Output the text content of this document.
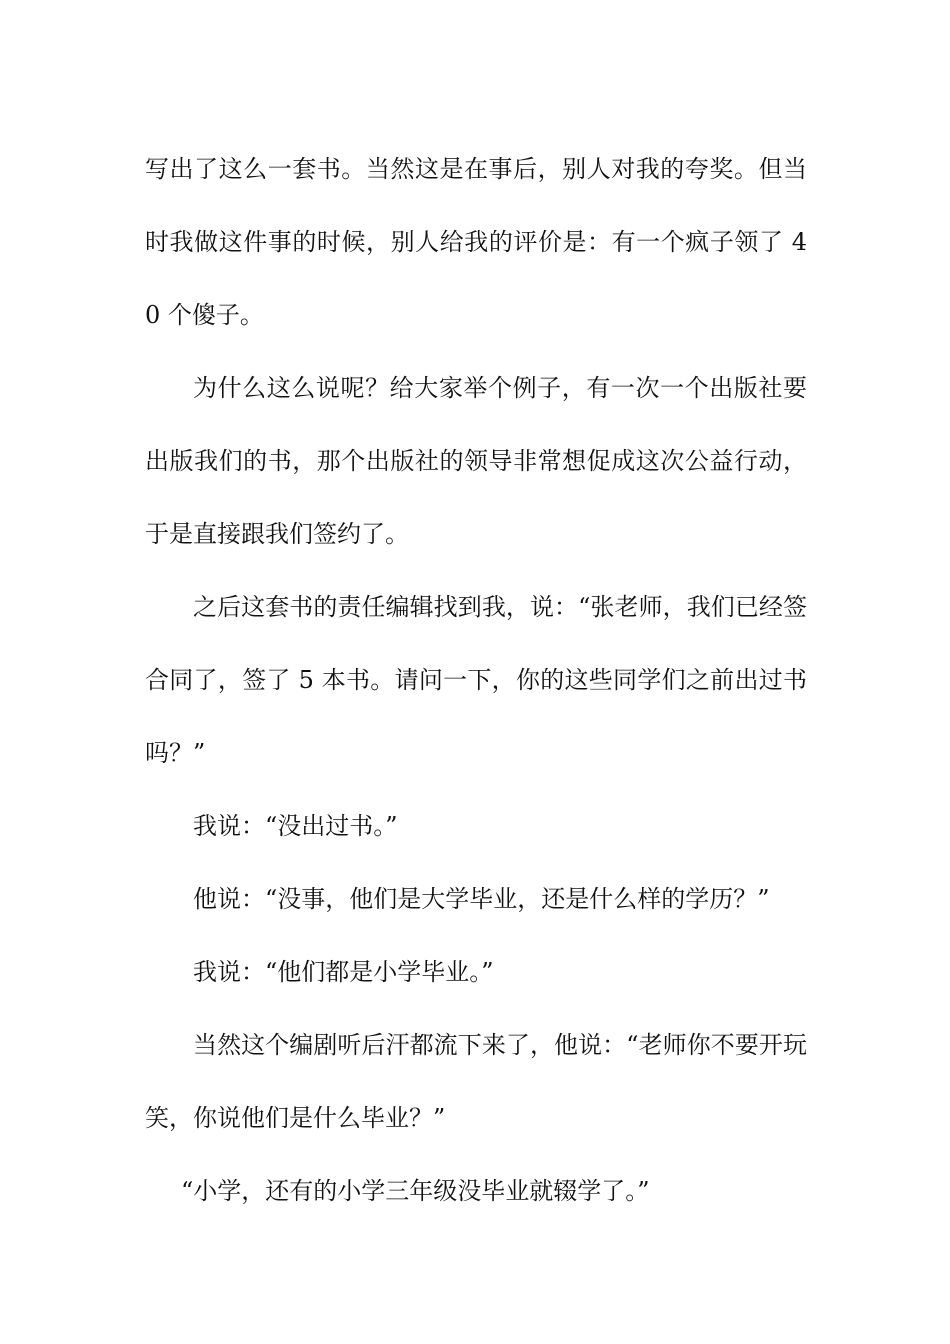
写出了这么一套书。当然这是在事后，别人对我的夸奖。但当时我做这件事的时候，别人给我的评价是：有一个疯子领了 40 个傻子。

为什么这么说呢？给大家举个例子，有一次一个出版社要出版我们的书，那个出版社的领导非常想促成这次公益行动，于是直接跟我们签约了。

之后这套书的责任编辑找到我，说：“张老师，我们已经签合同了，签了 5 本书。请问一下，你的这些同学们之前出过书吗？”

我说：“没出过书。”

他说：“没事，他们是大学毕业，还是什么样的学历？”

我说：“他们都是小学毕业。”

当然这个编剧听后汗都流下来了，他说：“老师你不要开玩笑，你说他们是什么毕业？”

“小学，还有的小学三年级没毕业就辍学了。”
